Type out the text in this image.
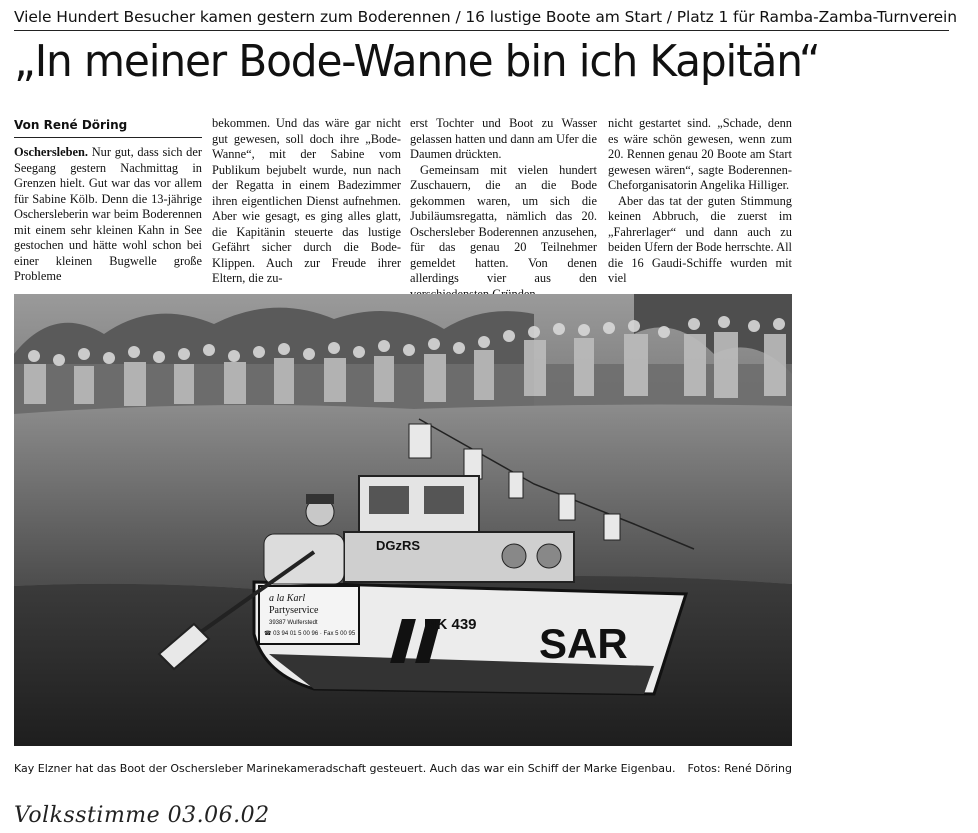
Viele Hundert Besucher kamen gestern zum Boderennen / 16 lustige Boote am Start / Platz 1 für Ramba-Zamba-Turnverein
„In meiner Bode-Wanne bin ich Kapitän“
Von René Döring

Oschersleben. Nur gut, dass sich der Seegang gestern Nachmittag in Grenzen hielt. Gut war das vor allem für Sabine Kölb. Denn die 13-jährige Oschersleberin war beim Boderennen mit einem sehr kleinen Kahn in See gestochen und hätte wohl schon bei einer kleinen Bugwelle große Probleme

bekommen. Und das wäre gar nicht gut gewesen, soll doch ihre „Bode-Wanne“, mit der Sabine vom Publikum bejubelt wurde, nun nach der Regatta in einem Badezimmer ihren eigentlichen Dienst aufnehmen. Aber wie gesagt, es ging alles glatt, die Kapitänin steuerte das lustige Gefährt sicher durch die Bode-Klippen. Auch zur Freude ihrer Eltern, die zu-

erst Tochter und Boot zu Wasser gelassen hatten und dann am Ufer die Daumen drückten.

Gemeinsam mit vielen hundert Zuschauern, die an die Bode gekommen waren, um sich die Jubiläumsregatta, nämlich das 20. Oschersleber Boderennen anzusehen, für das genau 20 Teilnehmer gemeldet hatten. Von denen allerdings vier aus den

nicht gestartet sind. „Schade, denn es wäre schön gewesen, wenn zum 20. Rennen genau 20 Boote am Start gewesen wären“, sagte Boderennen-Cheforganisatorin Angelika Hilliger.

Aber das tat der guten Stimmung keinen Abbruch, die zuerst im „Fahrerlager“ und dann auch zu beiden Ufern der Bode herrschte. All die 16 Gaudi-Schiffe wurden mit viel

DGzRS
MK 439 SAR
a la Karl
Partyservice
39387 Wulferstedt
☎ 03 94 01 5 00 96 · Fax 5 00 95
Kay Elzner hat das Boot der Oschersleber Marinekameradschaft gesteuert. Auch das war ein Schiff der Marke Eigenbau.	Fotos: René Döring
Volksstimme 03.06.02
